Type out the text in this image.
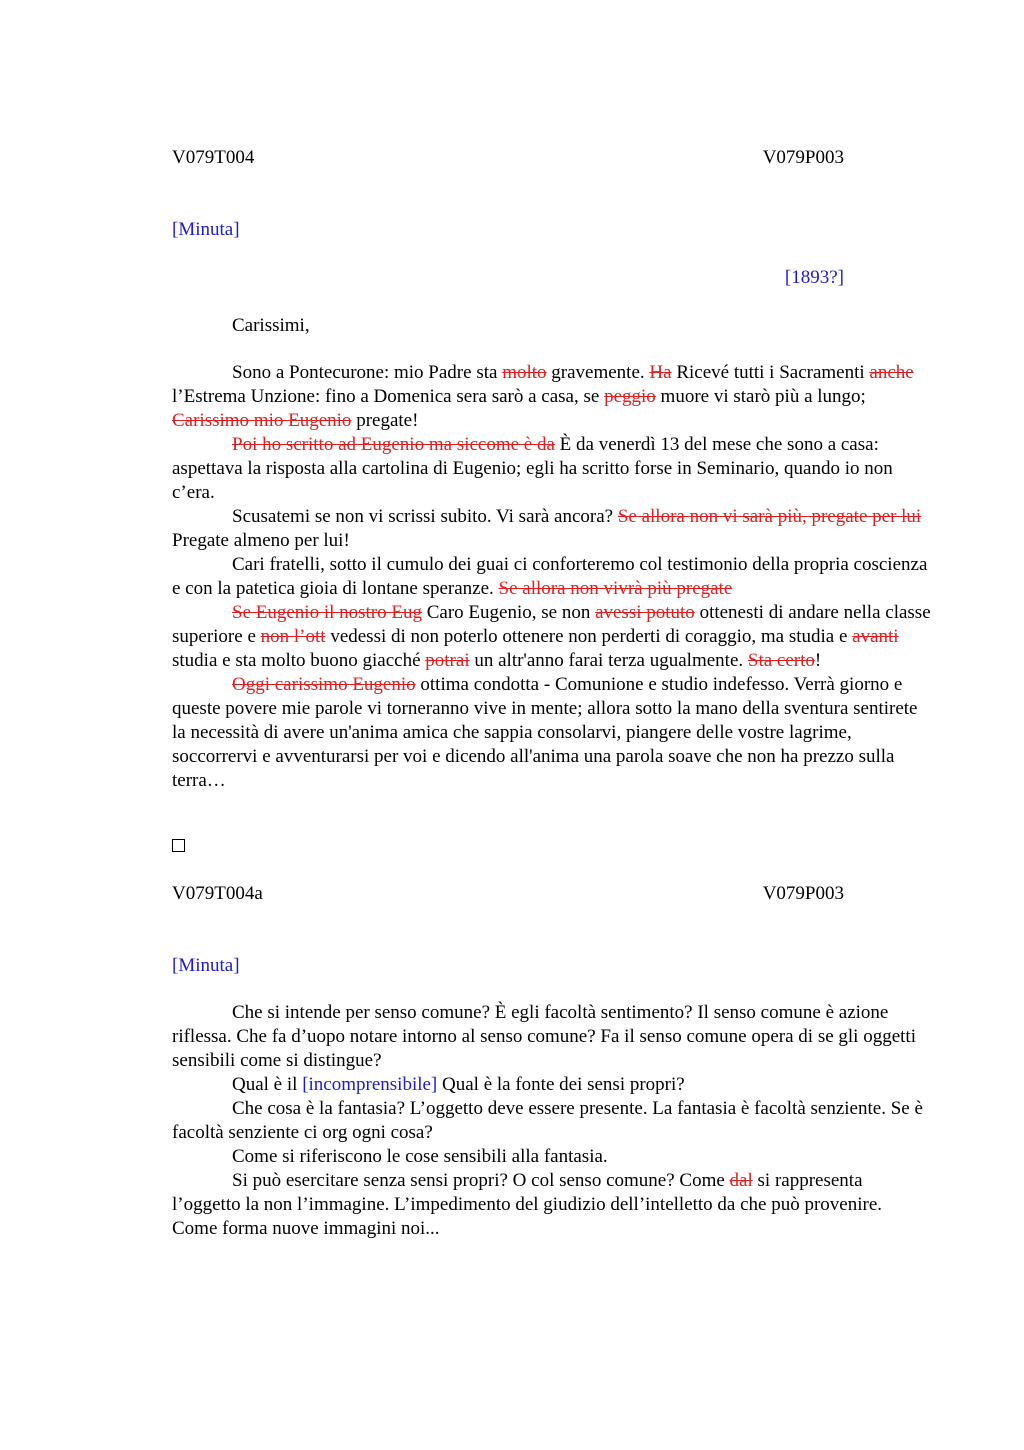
V079T004	V079P003
[Minuta]
[1893?]
Carissimi,

Sono a Pontecurone: mio Padre sta molto gravemente. Ha Ricevé tutti i Sacramenti anche l’Estrema Unzione: fino a Domenica sera sarò a casa, se peggio muore vi starò più a lungo; Carissimo mio Eugenio pregate!

Poi ho scritto ad Eugenio ma siccome è da È da venerdì 13 del mese che sono a casa: aspettava la risposta alla cartolina di Eugenio; egli ha scritto forse in Seminario, quando io non c’era.

Scusatemi se non vi scrissi subito. Vi sarà ancora? Se allora non vi sarà più, pregate per lui Pregate almeno per lui!

Cari fratelli, sotto il cumulo dei guai ci conforteremo col testimonio della propria coscienza e con la patetica gioia di lontane speranze. Se allora non vivrà più pregate

Se Eugenio il nostro Eug Caro Eugenio, se non avessi potuto ottenesti di andare nella classe superiore e non l’ott vedessi di non poterlo ottenere non perderti di coraggio, ma studia e avanti studia e sta molto buono giacché potrai un altr'anno farai terza ugualmente. Sta certo!

Oggi carissimo Eugenio ottima condotta - Comunione e studio indefesso. Verrà giorno e queste povere mie parole vi torneranno vive in mente; allora sotto la mano della sventura sentirete la necessità di avere un'anima amica che sappia consolarvi, piangere delle vostre lagrime, soccorrervi e avventurarsi per voi e dicendo all'anima una parola soave che non ha prezzo sulla terra…

V079T004a	V079P003
[Minuta]

Che si intende per senso comune? È egli facoltà sentimento? Il senso comune è azione riflessa. Che fa d’uopo notare intorno al senso comune? Fa il senso comune opera di se gli oggetti sensibili come si distingue?

Qual è il [incomprensibile] Qual è la fonte dei sensi propri?

Che cosa è la fantasia? L’oggetto deve essere presente. La fantasia è facoltà senziente. Se è facoltà senziente ci org ogni cosa?

Come si riferiscono le cose sensibili alla fantasia.

Si può esercitare senza sensi propri? O col senso comune? Come dal si rappresenta l’oggetto la non l’immagine. L’impedimento del giudizio dell’intelletto da che può provenire. Come forma nuove immagini noi...
